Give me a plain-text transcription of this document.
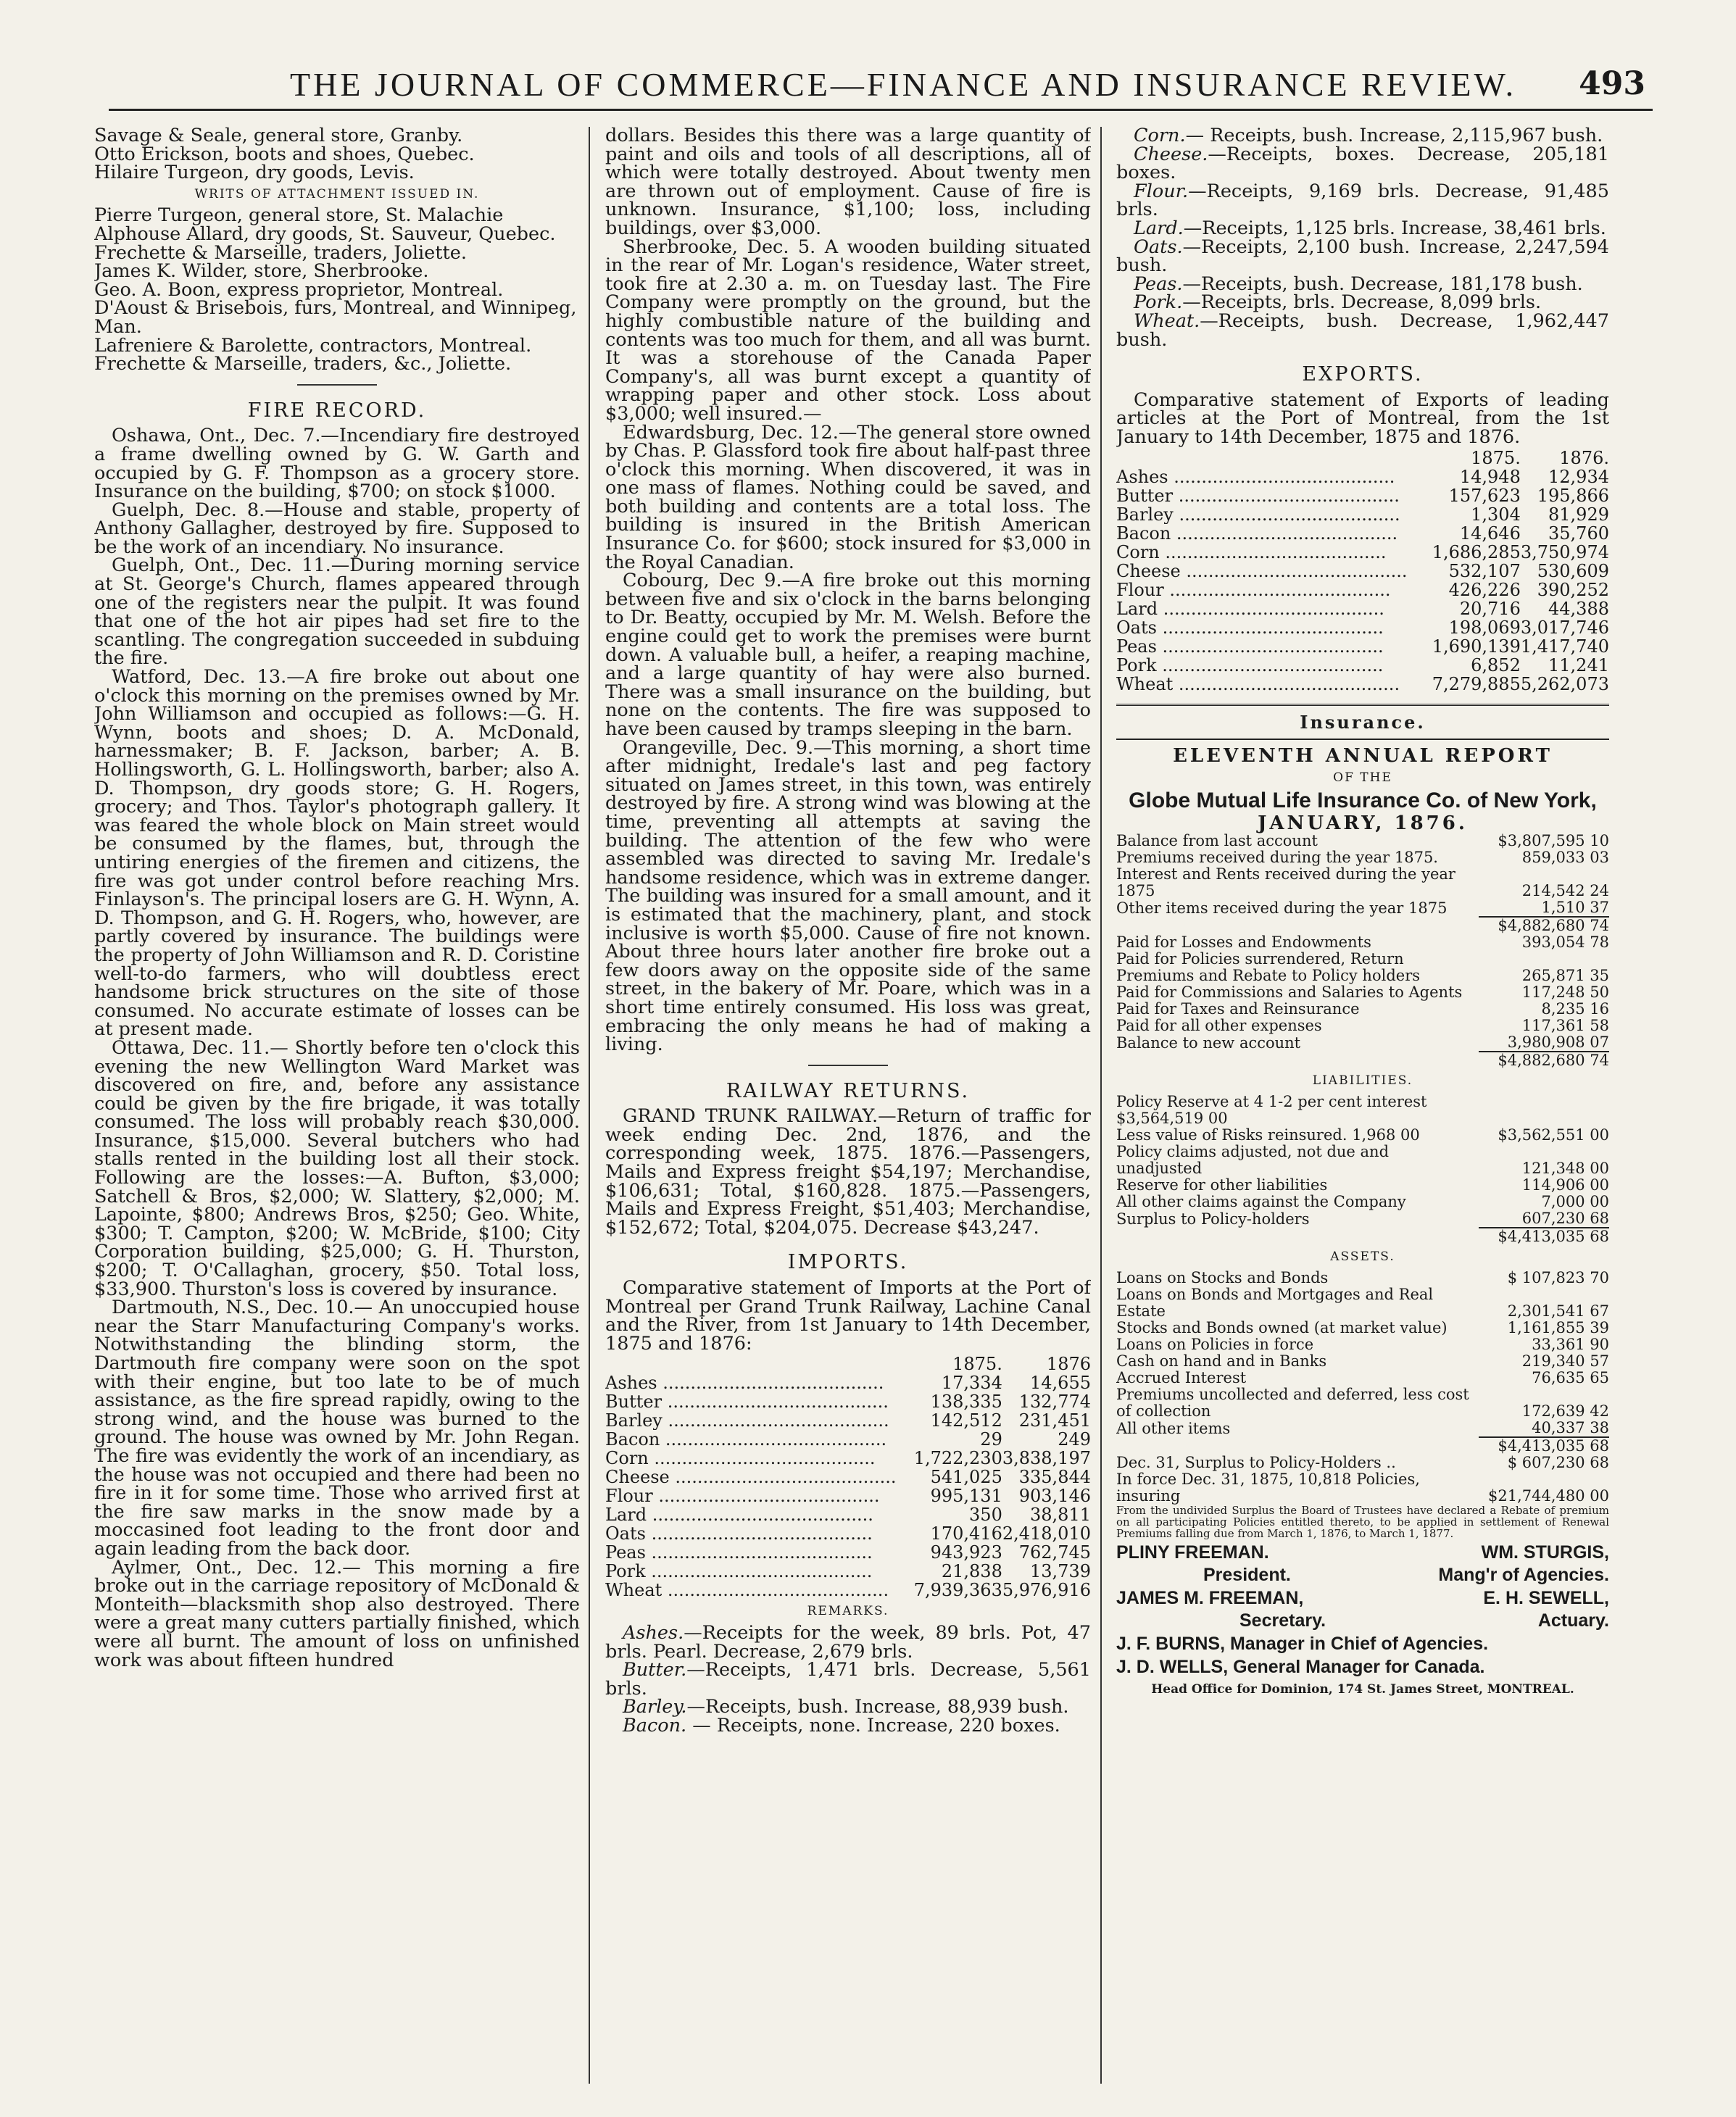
THE JOURNAL OF COMMERCE—FINANCE AND INSURANCE REVIEW. 493
Savage & Seale, general store, Granby.
Otto Erickson, boots and shoes, Quebec.
Hilaire Turgeon, dry goods, Levis.
WRITS OF ATTACHMENT ISSUED IN.
Pierre Turgeon, general store, St. Malachie
Alphouse Allard, dry goods, St. Sauveur, Quebec.
Frechette & Marseille, traders, Joliette.
James K. Wilder, store, Sherbrooke.
Geo. A. Boon, express proprietor, Montreal.
D'Aoust & Brisebois, furs, Montreal, and Winnipeg, Man.
Lafreniere & Barolette, contractors, Montreal.
Frechette & Marseille, traders, &c., Joliette.
FIRE RECORD.
Oshawa, Ont., Dec. 7.—Incendiary fire destroyed a frame dwelling owned by G. W. Garth and occupied by G. F. Thompson as a grocery store. Insurance on the building, $700; on stock $1000.
Guelph, Dec. 8.—House and stable, property of Anthony Gallagher, destroyed by fire. Supposed to be the work of an incendiary. No insurance.
Guelph, Ont., Dec. 11.—During morning service at St. George's Church, flames appeared through one of the registers near the pulpit. It was found that one of the hot air pipes had set fire to the scantling. The congregation succeeded in subduing the fire.
Watford, Dec. 13.—A fire broke out about one o'clock this morning on the premises owned by Mr. John Williamson and occupied as follows:—G. H. Wynn, boots and shoes; D. A. McDonald, harnessmaker; B. F. Jackson, barber; A. B. Hollingsworth, G. L. Hollingsworth, barber; also A. D. Thompson, dry goods store; G. H. Rogers, grocery; and Thos. Taylor's photograph gallery. It was feared the whole block on Main street would be consumed by the flames, but, through the untiring energies of the firemen and citizens, the fire was got under control before reaching Mrs. Finlayson's. The principal losers are G. H. Wynn, A. D. Thompson, and G. H. Rogers, who, however, are partly covered by insurance. The buildings were the property of John Williamson and R. D. Coristine well-to-do farmers, who will doubtless erect handsome brick structures on the site of those consumed. No accurate estimate of losses can be at present made.
Ottawa, Dec. 11.— Shortly before ten o'clock this evening the new Wellington Ward Market was discovered on fire, and, before any assistance could be given by the fire brigade, it was totally consumed. The loss will probably reach $30,000. Insurance, $15,000. Several butchers who had stalls rented in the building lost all their stock. Following are the losses:—A. Bufton, $3,000; Satchell & Bros, $2,000; W. Slattery, $2,000; M. Lapointe, $800; Andrews Bros, $250; Geo. White, $300; T. Campton, $200; W. McBride, $100; City Corporation building, $25,000; G. H. Thurston, $200; T. O'Callaghan, grocery, $50. Total loss, $33,900. Thurston's loss is covered by insurance.
Dartmouth, N.S., Dec. 10.— An unoccupied house near the Starr Manufacturing Company's works. Notwithstanding the blinding storm, the Dartmouth fire company were soon on the spot with their engine, but too late to be of much assistance, as the fire spread rapidly, owing to the strong wind, and the house was burned to the ground. The house was owned by Mr. John Regan. The fire was evidently the work of an incendiary, as the house was not occupied and there had been no fire in it for some time. Those who arrived first at the fire saw marks in the snow made by a moccasined foot leading to the front door and again leading from the back door.
Aylmer, Ont., Dec. 12.— This morning a fire broke out in the carriage repository of McDonald & Monteith—blacksmith shop also destroyed. There were a great many cutters partially finished, which were all burnt. The amount of loss on unfinished work was about fifteen hundred
dollars. Besides this there was a large quantity of paint and oils and tools of all descriptions, all of which were totally destroyed. About twenty men are thrown out of employment. Cause of fire is unknown. Insurance, $1,100; loss, including buildings, over $3,000.
Sherbrooke, Dec. 5. A wooden building situated in the rear of Mr. Logan's residence, Water street, took fire at 2.30 a. m. on Tuesday last. The Fire Company were promptly on the ground, but the highly combustible nature of the building and contents was too much for them, and all was burnt. It was a storehouse of the Canada Paper Company's, all was burnt except a quantity of wrapping paper and other stock. Loss about $3,000; well insured.—
Edwardsburg, Dec. 12.—The general store owned by Chas. P. Glassford took fire about half-past three o'clock this morning. When discovered, it was in one mass of flames. Nothing could be saved, and both building and contents are a total loss. The building is insured in the British American Insurance Co. for $600; stock insured for $3,000 in the Royal Canadian.
Cobourg, Dec 9.—A fire broke out this morning between five and six o'clock in the barns belonging to Dr. Beatty, occupied by Mr. M. Welsh. Before the engine could get to work the premises were burnt down. A valuable bull, a heifer, a reaping machine, and a large quantity of hay were also burned. There was a small insurance on the building, but none on the contents. The fire was supposed to have been caused by tramps sleeping in the barn.
Orangeville, Dec. 9.—This morning, a short time after midnight, Iredale's last and peg factory situated on James street, in this town, was entirely destroyed by fire. A strong wind was blowing at the time, preventing all attempts at saving the building. The attention of the few who were assembled was directed to saving Mr. Iredale's handsome residence, which was in extreme danger. The building was insured for a small amount, and it is estimated that the machinery, plant, and stock inclusive is worth $5,000. Cause of fire not known. About three hours later another fire broke out a few doors away on the opposite side of the same street, in the bakery of Mr. Poare, which was in a short time entirely consumed. His loss was great, embracing the only means he had of making a living.
RAILWAY RETURNS.
GRAND TRUNK RAILWAY.—Return of traffic for week ending Dec. 2nd, 1876, and the corresponding week, 1875. 1876.—Passengers, Mails and Express freight $54,197; Merchandise, $106,631; Total, $160,828. 1875.—Passengers, Mails and Express Freight, $51,403; Merchandise, $152,672; Total, $204,075. Decrease $43,247.
IMPORTS.
Comparative statement of Imports at the Port of Montreal per Grand Trunk Railway, Lachine Canal and the River, from 1st January to 14th December, 1875 and 1876:
	1875.	1876
Ashes ........................................	17,334	14,655
Butter ........................................	138,335	132,774
Barley ........................................	142,512	231,451
Bacon ........................................	29	249
Corn ........................................	1,722,230	3,838,197
Cheese ........................................	541,025	335,844
Flour ........................................	995,131	903,146
Lard ........................................	350	38,811
Oats ........................................	170,416	2,418,010
Peas ........................................	943,923	762,745
Pork ........................................	21,838	13,739
Wheat ........................................	7,939,363	5,976,916
REMARKS.
Ashes.—Receipts for the week, 89 brls. Pot, 47 brls. Pearl. Decrease, 2,679 brls.
Butter.—Receipts, 1,471 brls. Decrease, 5,561 brls.
Barley.—Receipts, bush. Increase, 88,939 bush.
Bacon. — Receipts, none. Increase, 220 boxes.
Corn.— Receipts, bush. Increase, 2,115,967 bush.
Cheese.—Receipts, boxes. Decrease, 205,181 boxes.
Flour.—Receipts, 9,169 brls. Decrease, 91,485 brls.
Lard.—Receipts, 1,125 brls. Increase, 38,461 brls.
Oats.—Receipts, 2,100 bush. Increase, 2,247,594 bush.
Peas.—Receipts, bush. Decrease, 181,178 bush.
Pork.—Receipts, brls. Decrease, 8,099 brls.
Wheat.—Receipts, bush. Decrease, 1,962,447 bush.
EXPORTS.
Comparative statement of Exports of leading articles at the Port of Montreal, from the 1st January to 14th December, 1875 and 1876.
	1875.	1876.
Ashes ........................................	14,948	12,934
Butter ........................................	157,623	195,866
Barley ........................................	1,304	81,929
Bacon ........................................	14,646	35,760
Corn ........................................	1,686,285	3,750,974
Cheese ........................................	532,107	530,609
Flour ........................................	426,226	390,252
Lard ........................................	20,716	44,388
Oats ........................................	198,069	3,017,746
Peas ........................................	1,690,139	1,417,740
Pork ........................................	6,852	11,241
Wheat ........................................	7,279,885	5,262,073
Insurance.
ELEVENTH ANNUAL REPORT
OF THE
Globe Mutual Life Insurance Co. of New York,
JANUARY, 1876.
Balance from last account	$3,807,595 10
Premiums received during the year 1875.	859,033 03
Interest and Rents received during the year 1875	214,542 24
Other items received during the year 1875	1,510 37
	$4,882,680 74
Paid for Losses and Endowments	393,054 78
Paid for Policies surrendered, Return Premiums and Rebate to Policy holders	265,871 35
Paid for Commissions and Salaries to Agents	117,248 50
Paid for Taxes and Reinsurance	8,235 16
Paid for all other expenses	117,361 58
Balance to new account	3,980,908 07
	$4,882,680 74
LIABILITIES.
Policy Reserve at 4 1-2 per cent interest $3,564,519 00	
Less value of Risks reinsured. 1,968 00	$3,562,551 00
Policy claims adjusted, not due and unadjusted	121,348 00
Reserve for other liabilities	114,906 00
All other claims against the Company	7,000 00
Surplus to Policy-holders	607,230 68
	$4,413,035 68
ASSETS.
Loans on Stocks and Bonds	$ 107,823 70
Loans on Bonds and Mortgages and Real Estate	2,301,541 67
Stocks and Bonds owned (at market value)	1,161,855 39
Loans on Policies in force	33,361 90
Cash on hand and in Banks	219,340 57
Accrued Interest	76,635 65
Premiums uncollected and deferred, less cost of collection	172,639 42
All other items	40,337 38
	$4,413,035 68
Dec. 31, Surplus to Policy-Holders ..	$ 607,230 68
In force Dec. 31, 1875, 10,818 Policies, insuring	$21,744,480 00
From the undivided Surplus the Board of Trustees have declared a Rebate of premium on all participating Policies entitled thereto, to be applied in settlement of Renewal Premiums falling due from March 1, 1876, to March 1, 1877.
PLINY FREEMAN.	WM. STURGIS,
President.	Mang'r of Agencies.
JAMES M. FREEMAN,	E. H. SEWELL,
Secretary.	Actuary.
J. F. BURNS, Manager in Chief of Agencies.
J. D. WELLS, General Manager for Canada.
Head Office for Dominion, 174 St. James Street, MONTREAL.
